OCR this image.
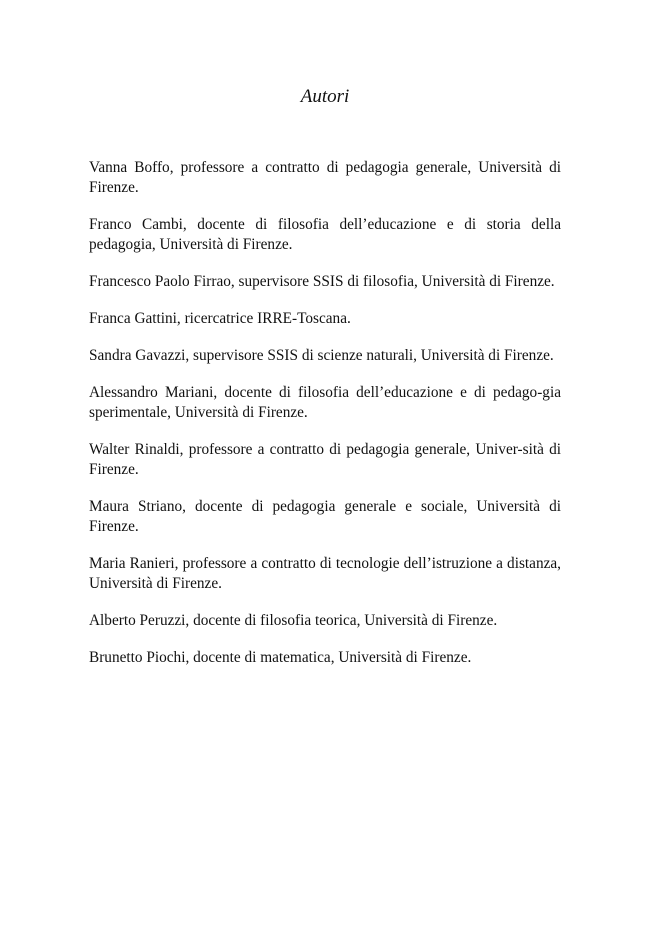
Autori
Vanna Boffo, professore a contratto di pedagogia generale, Università di Firenze.
Franco Cambi, docente di filosofia dell’educazione e di storia della pedagogia, Università di Firenze.
Francesco Paolo Firrao, supervisore SSIS di filosofia, Università di Firenze.
Franca Gattini, ricercatrice IRRE-Toscana.
Sandra Gavazzi, supervisore SSIS di scienze naturali, Università di Firenze.
Alessandro Mariani, docente di filosofia dell’educazione e di pedago-gia sperimentale, Università di Firenze.
Walter Rinaldi, professore a contratto di pedagogia generale, Univer-sità di Firenze.
Maura Striano, docente di pedagogia generale e sociale, Università di Firenze.
Maria Ranieri, professore a contratto di tecnologie dell’istruzione a distanza, Università di Firenze.
Alberto Peruzzi, docente di filosofia teorica, Università di Firenze.
Brunetto Piochi, docente di matematica, Università di Firenze.
